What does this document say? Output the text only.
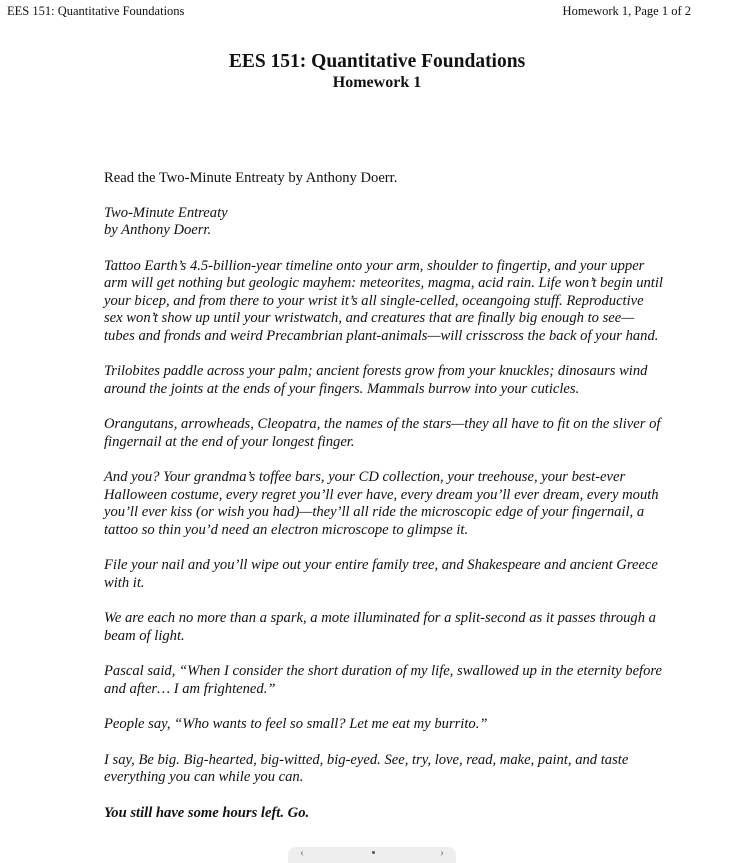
EES 151: Quantitative Foundations	Homework 1, Page 1 of 2
EES 151: Quantitative Foundations
Homework 1

Read the Two-Minute Entreaty by Anthony Doerr.

Two-Minute Entreaty
by Anthony Doerr.

Tattoo Earth’s 4.5-billion-year timeline onto your arm, shoulder to fingertip, and your upper arm will get nothing but geologic mayhem: meteorites, magma, acid rain. Life won’t begin until your bicep, and from there to your wrist it’s all single-celled, oceangoing stuff. Reproductive sex won’t show up until your wristwatch, and creatures that are finally big enough to see—tubes and fronds and weird Precambrian plant-animals—will crisscross the back of your hand.

Trilobites paddle across your palm; ancient forests grow from your knuckles; dinosaurs wind around the joints at the ends of your fingers. Mammals burrow into your cuticles.

Orangutans, arrowheads, Cleopatra, the names of the stars—they all have to fit on the sliver of fingernail at the end of your longest finger.

And you? Your grandma’s toffee bars, your CD collection, your treehouse, your best-ever Halloween costume, every regret you’ll ever have, every dream you’ll ever dream, every mouth you’ll ever kiss (or wish you had)—they’ll all ride the microscopic edge of your fingernail, a tattoo so thin you’d need an electron microscope to glimpse it.

File your nail and you’ll wipe out your entire family tree, and Shakespeare and ancient Greece with it.

We are each no more than a spark, a mote illuminated for a split-second as it passes through a beam of light.

Pascal said, “When I consider the short duration of my life, swallowed up in the eternity before and after… I am frightened.”

People say, “Who wants to feel so small? Let me eat my burrito.”

I say, Be big. Big-hearted, big-witted, big-eyed. See, try, love, read, make, paint, and taste everything you can while you can.

You still have some hours left. Go.

‹	›
